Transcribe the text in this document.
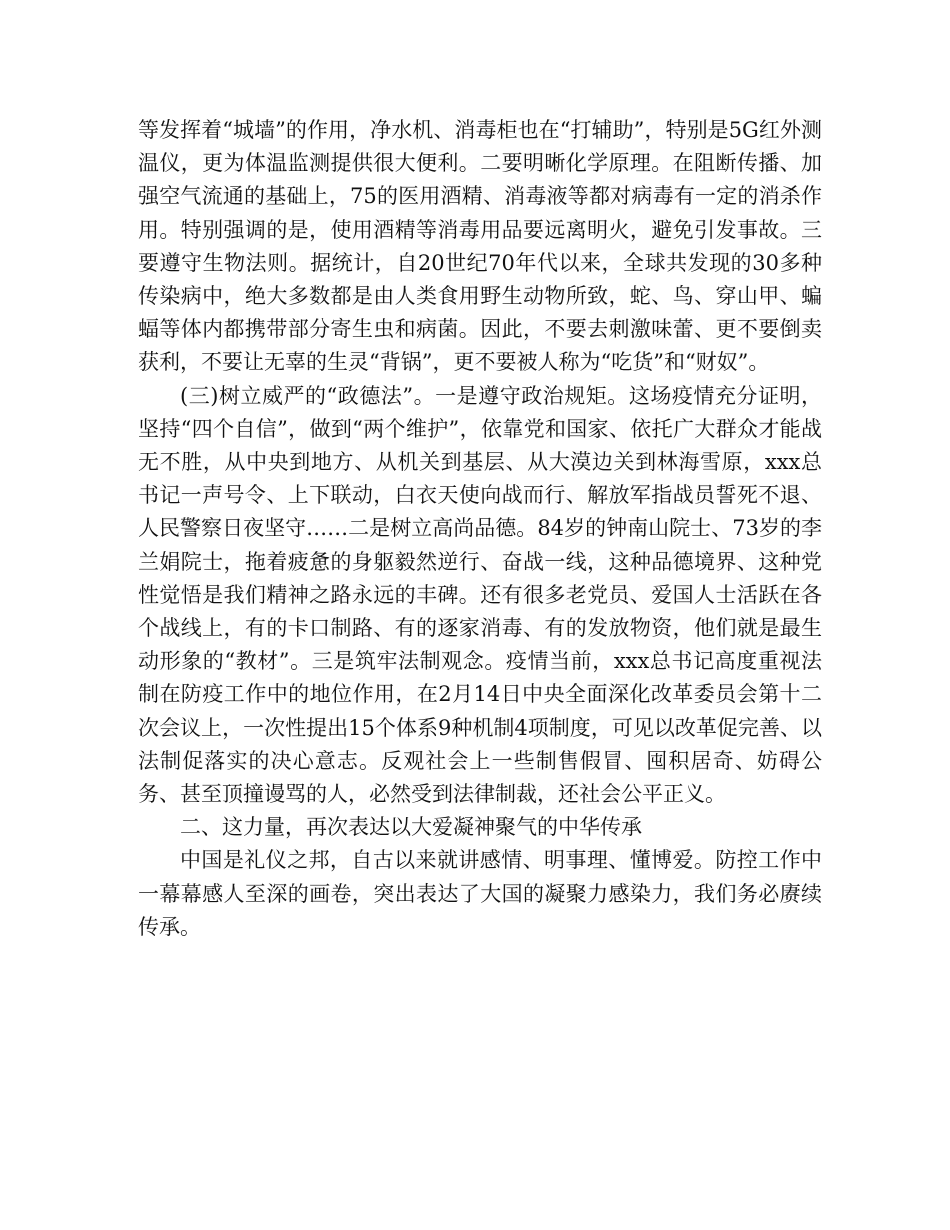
等发挥着“城墙”的作用，净水机、消毒柜也在“打辅助”，特别是5G红外测温仪，更为体温监测提供很大便利。二要明晰化学原理。在阻断传播、加强空气流通的基础上，75的医用酒精、消毒液等都对病毒有一定的消杀作用。特别强调的是，使用酒精等消毒用品要远离明火，避免引发事故。三要遵守生物法则。据统计，自20世纪70年代以来，全球共发现的30多种传染病中，绝大多数都是由人类食用野生动物所致，蛇、鸟、穿山甲、蝙蝠等体内都携带部分寄生虫和病菌。因此，不要去刺激味蕾、更不要倒卖获利，不要让无辜的生灵“背锅”，更不要被人称为“吃货”和“财奴”。

(三)树立威严的“政德法”。一是遵守政治规矩。这场疫情充分证明，坚持“四个自信”，做到“两个维护”，依靠党和国家、依托广大群众才能战无不胜，从中央到地方、从机关到基层、从大漠边关到林海雪原，xxx总书记一声号令、上下联动，白衣天使向战而行、解放军指战员誓死不退、人民警察日夜坚守……二是树立高尚品德。84岁的钟南山院士、73岁的李兰娟院士，拖着疲惫的身躯毅然逆行、奋战一线，这种品德境界、这种党性觉悟是我们精神之路永远的丰碑。还有很多老党员、爱国人士活跃在各个战线上，有的卡口制路、有的逐家消毒、有的发放物资，他们就是最生动形象的“教材”。三是筑牢法制观念。疫情当前，xxx总书记高度重视法制在防疫工作中的地位作用，在2月14日中央全面深化改革委员会第十二次会议上，一次性提出15个体系9种机制4项制度，可见以改革促完善、以法制促落实的决心意志。反观社会上一些制售假冒、囤积居奇、妨碍公务、甚至顶撞谩骂的人，必然受到法律制裁，还社会公平正义。

二、这力量，再次表达以大爱凝神聚气的中华传承

中国是礼仪之邦，自古以来就讲感情、明事理、懂博爱。防控工作中一幕幕感人至深的画卷，突出表达了大国的凝聚力感染力，我们务必赓续传承。
